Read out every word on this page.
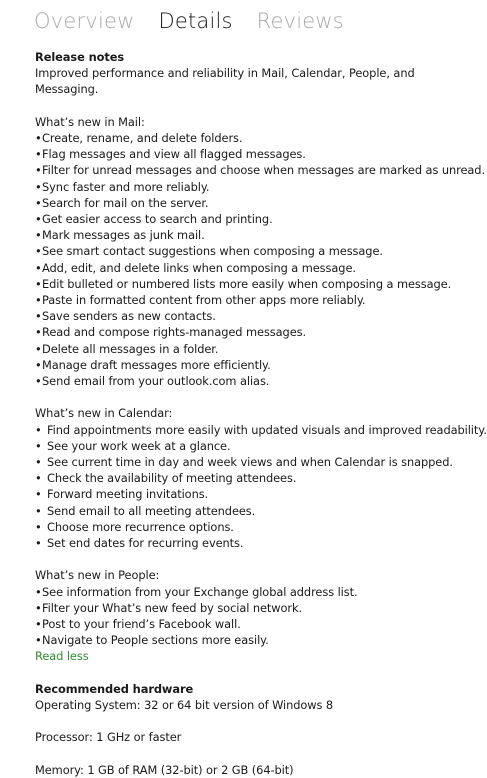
Overview Details Reviews
Release notes
Improved performance and reliability in Mail, Calendar, People, and Messaging.
What’s new in Mail:
•Create, rename, and delete folders.
•Flag messages and view all flagged messages.
•Filter for unread messages and choose when messages are marked as unread.
•Sync faster and more reliably.
•Search for mail on the server.
•Get easier access to search and printing.
•Mark messages as junk mail.
•See smart contact suggestions when composing a message.
•Add, edit, and delete links when composing a message.
•Edit bulleted or numbered lists more easily when composing a message.
•Paste in formatted content from other apps more reliably.
•Save senders as new contacts.
•Read and compose rights-managed messages.
•Delete all messages in a folder.
•Manage draft messages more efficiently.
•Send email from your outlook.com alias.
What’s new in Calendar:
• Find appointments more easily with updated visuals and improved readability.
• See your work week at a glance.
• See current time in day and week views and when Calendar is snapped.
• Check the availability of meeting attendees.
• Forward meeting invitations.
• Send email to all meeting attendees.
• Choose more recurrence options.
• Set end dates for recurring events.
What’s new in People:
•See information from your Exchange global address list.
•Filter your What’s new feed by social network.
•Post to your friend’s Facebook wall.
•Navigate to People sections more easily.
Read less
Recommended hardware
Operating System: 32 or 64 bit version of Windows 8
Processor: 1 GHz or faster
Memory: 1 GB of RAM (32-bit) or 2 GB (64-bit)
